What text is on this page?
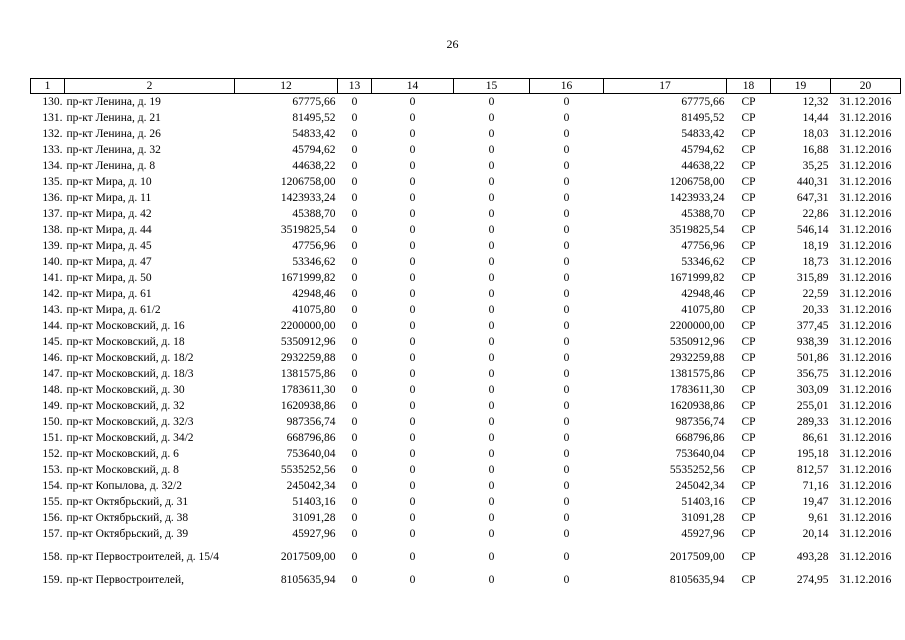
26
1	2	12	13	14	15	16	17	18	19	20
130.	пр-кт Ленина, д. 19	67775,66	0	0	0	0	67775,66	СР	12,32	31.12.2016
131.	пр-кт Ленина, д. 21	81495,52	0	0	0	0	81495,52	СР	14,44	31.12.2016
132.	пр-кт Ленина, д. 26	54833,42	0	0	0	0	54833,42	СР	18,03	31.12.2016
133.	пр-кт Ленина, д. 32	45794,62	0	0	0	0	45794,62	СР	16,88	31.12.2016
134.	пр-кт Ленина, д. 8	44638,22	0	0	0	0	44638,22	СР	35,25	31.12.2016
135.	пр-кт Мира, д. 10	1206758,00	0	0	0	0	1206758,00	СР	440,31	31.12.2016
136.	пр-кт Мира, д. 11	1423933,24	0	0	0	0	1423933,24	СР	647,31	31.12.2016
137.	пр-кт Мира, д. 42	45388,70	0	0	0	0	45388,70	СР	22,86	31.12.2016
138.	пр-кт Мира, д. 44	3519825,54	0	0	0	0	3519825,54	СР	546,14	31.12.2016
139.	пр-кт Мира, д. 45	47756,96	0	0	0	0	47756,96	СР	18,19	31.12.2016
140.	пр-кт Мира, д. 47	53346,62	0	0	0	0	53346,62	СР	18,73	31.12.2016
141.	пр-кт Мира, д. 50	1671999,82	0	0	0	0	1671999,82	СР	315,89	31.12.2016
142.	пр-кт Мира, д. 61	42948,46	0	0	0	0	42948,46	СР	22,59	31.12.2016
143.	пр-кт Мира, д. 61/2	41075,80	0	0	0	0	41075,80	СР	20,33	31.12.2016
144.	пр-кт Московский, д. 16	2200000,00	0	0	0	0	2200000,00	СР	377,45	31.12.2016
145.	пр-кт Московский, д. 18	5350912,96	0	0	0	0	5350912,96	СР	938,39	31.12.2016
146.	пр-кт Московский, д. 18/2	2932259,88	0	0	0	0	2932259,88	СР	501,86	31.12.2016
147.	пр-кт Московский, д. 18/3	1381575,86	0	0	0	0	1381575,86	СР	356,75	31.12.2016
148.	пр-кт Московский, д. 30	1783611,30	0	0	0	0	1783611,30	СР	303,09	31.12.2016
149.	пр-кт Московский, д. 32	1620938,86	0	0	0	0	1620938,86	СР	255,01	31.12.2016
150.	пр-кт Московский, д. 32/3	987356,74	0	0	0	0	987356,74	СР	289,33	31.12.2016
151.	пр-кт Московский, д. 34/2	668796,86	0	0	0	0	668796,86	СР	86,61	31.12.2016
152.	пр-кт Московский, д. 6	753640,04	0	0	0	0	753640,04	СР	195,18	31.12.2016
153.	пр-кт Московский, д. 8	5535252,56	0	0	0	0	5535252,56	СР	812,57	31.12.2016
154.	пр-кт Копылова, д. 32/2	245042,34	0	0	0	0	245042,34	СР	71,16	31.12.2016
155.	пр-кт Октябрьский, д. 31	51403,16	0	0	0	0	51403,16	СР	19,47	31.12.2016
156.	пр-кт Октябрьский, д. 38	31091,28	0	0	0	0	31091,28	СР	9,61	31.12.2016
157.	пр-кт Октябрьский, д. 39	45927,96	0	0	0	0	45927,96	СР	20,14	31.12.2016
158.	пр-кт Первостроителей, д. 15/4	2017509,00	0	0	0	0	2017509,00	СР	493,28	31.12.2016
159.	пр-кт Первостроителей,	8105635,94	0	0	0	0	8105635,94	СР	274,95	31.12.2016
